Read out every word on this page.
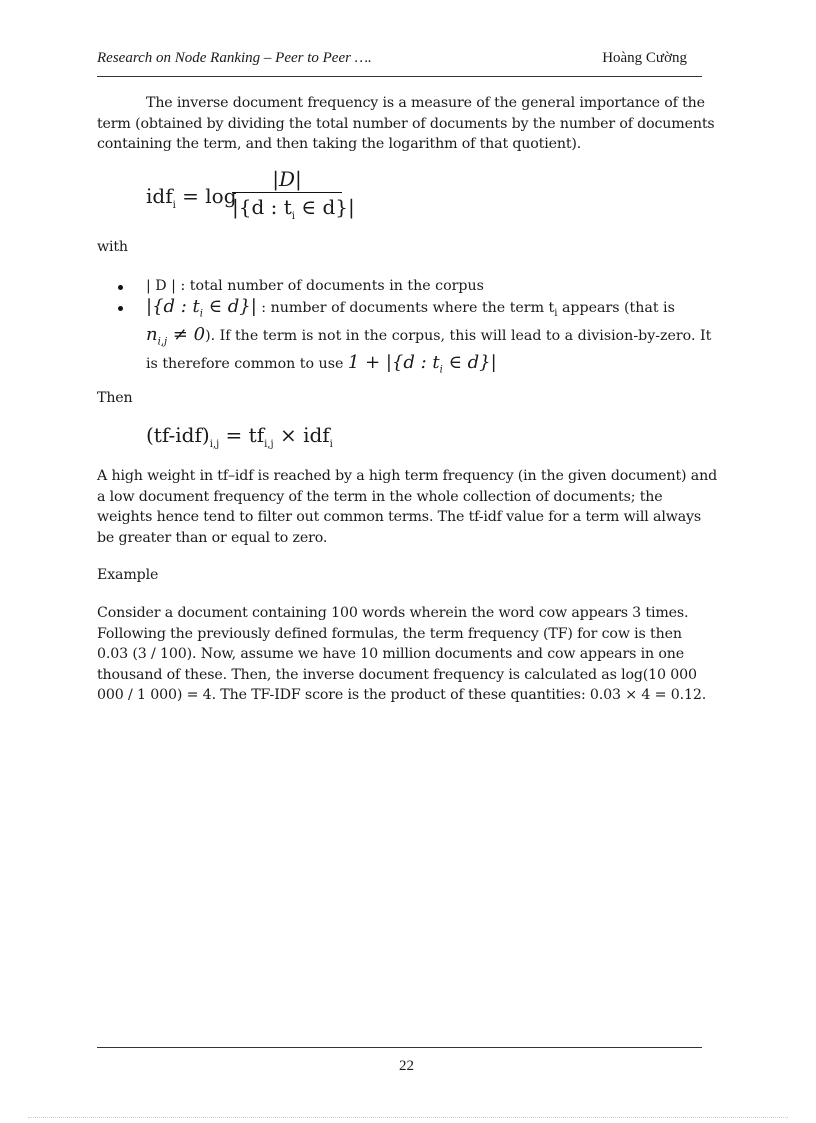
Research on Node Ranking – Peer to Peer ….	Hoàng Cường
The inverse document frequency is a measure of the general importance of the term (obtained by dividing the total number of documents by the number of documents containing the term, and then taking the logarithm of that quotient).
idf$_i$ = log
|D|
|{d : $t_i$ ∈ d}|
with
| D | : total number of documents in the corpus
|{d : $t_i$ ∈ d}| : number of documents where the term $t_i$ appears (that is
$n_{i,j} \ne 0$). If the term is not in the corpus, this will lead to a division-by-zero. It is therefore common to use 1 + |{d : $t_i$ ∈ d}|
Then
$(tf-idf)_{i,j} = tf_{i,j} \times idf_i$
A high weight in tf–idf is reached by a high term frequency (in the given document) and a low document frequency of the term in the whole collection of documents; the weights hence tend to filter out common terms. The tf-idf value for a term will always be greater than or equal to zero.
Example
Consider a document containing 100 words wherein the word cow appears 3 times. Following the previously defined formulas, the term frequency (TF) for cow is then 0.03 (3 / 100). Now, assume we have 10 million documents and cow appears in one thousand of these. Then, the inverse document frequency is calculated as log(10 000 000 / 1 000) = 4. The TF-IDF score is the product of these quantities: 0.03 × 4 = 0.12.
22
